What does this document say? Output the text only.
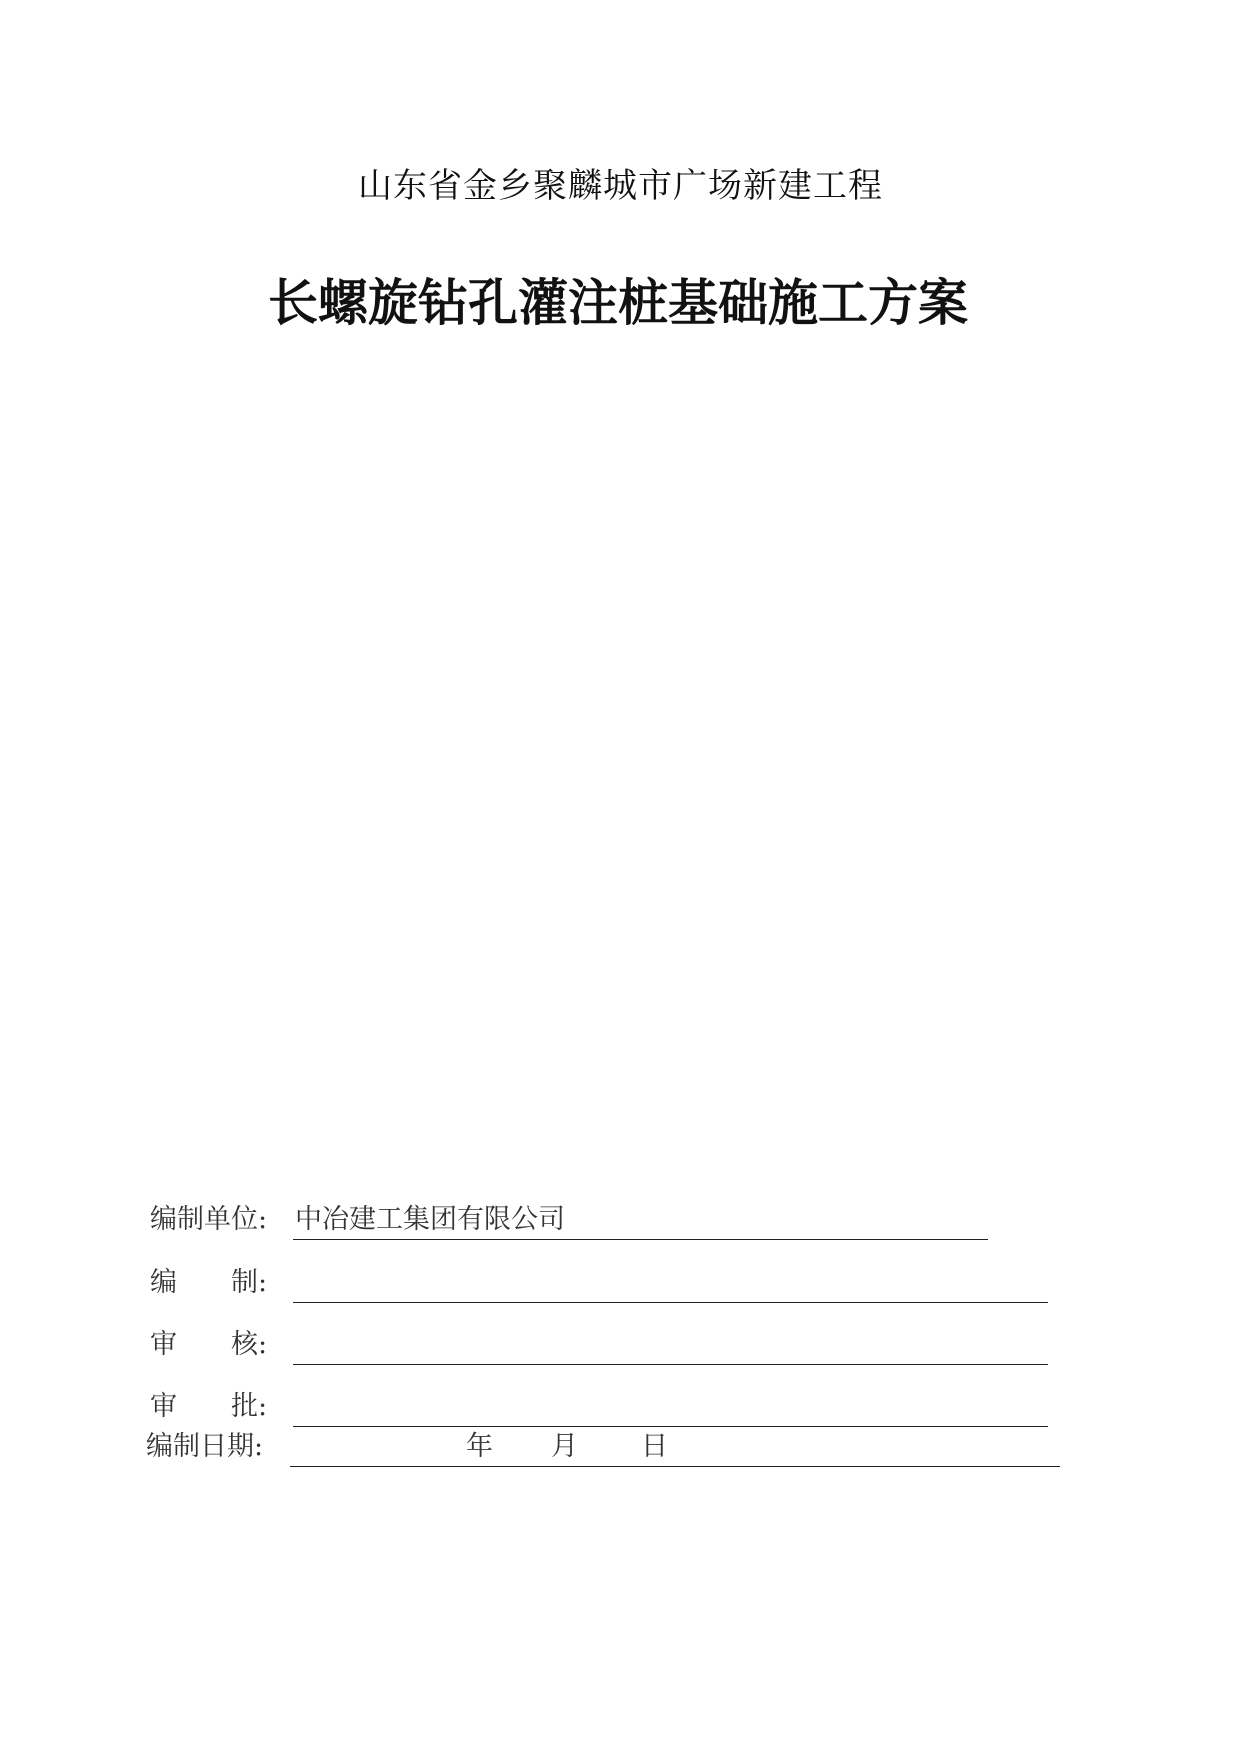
山东省金乡聚麟城市广场新建工程
长螺旋钻孔灌注桩基础施工方案
编制单位: 中冶建工集团有限公司
编　　制:
审　　核:
审　　批:
编制日期:	年 月 日
